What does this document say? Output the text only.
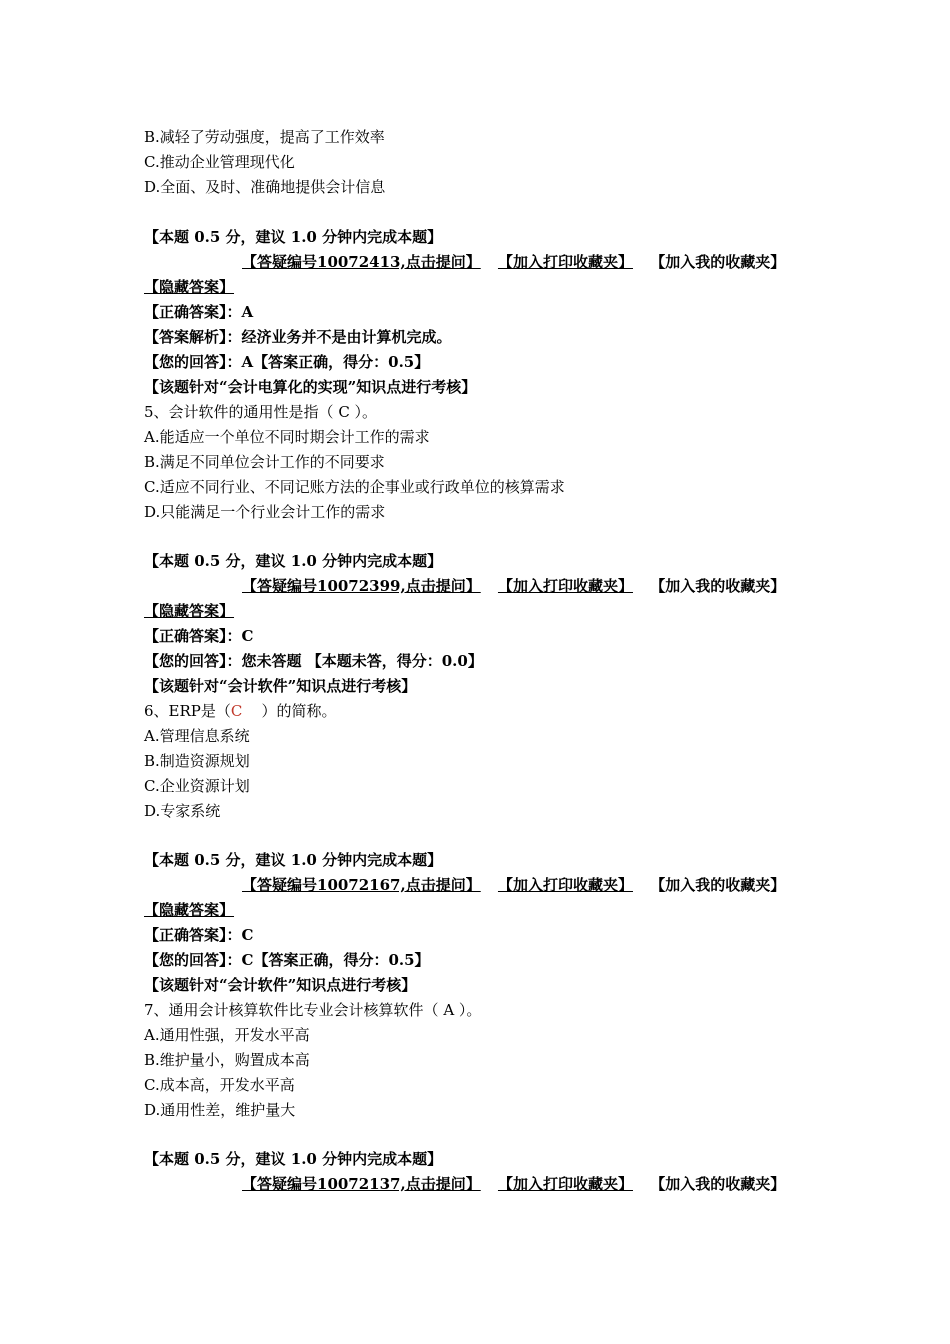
B.减轻了劳动强度，提高了工作效率
C.推动企业管理现代化
D.全面、及时、准确地提供会计信息
【本题 0.5 分，建议 1.0 分钟内完成本题】
【答疑编号10072413,点击提问】 【加入打印收藏夹】 【加入我的收藏夹】
【隐藏答案】
【正确答案】：A
【答案解析】：经济业务并不是由计算机完成。
【您的回答】：A【答案正确，得分：0.5】
【该题针对“会计电算化的实现”知识点进行考核】
5、会计软件的通用性是指（ C ）。
A.能适应一个单位不同时期会计工作的需求
B.满足不同单位会计工作的不同要求
C.适应不同行业、不同记账方法的企事业或行政单位的核算需求
D.只能满足一个行业会计工作的需求
【本题 0.5 分，建议 1.0 分钟内完成本题】
【答疑编号10072399,点击提问】 【加入打印收藏夹】 【加入我的收藏夹】
【隐藏答案】
【正确答案】：C
【您的回答】：您未答题 【本题未答，得分：0.0】
【该题针对“会计软件”知识点进行考核】
6、ERP是（C    ）的简称。
A.管理信息系统
B.制造资源规划
C.企业资源计划
D.专家系统
【本题 0.5 分，建议 1.0 分钟内完成本题】
【答疑编号10072167,点击提问】 【加入打印收藏夹】 【加入我的收藏夹】
【隐藏答案】
【正确答案】：C
【您的回答】：C【答案正确，得分：0.5】
【该题针对“会计软件”知识点进行考核】
7、通用会计核算软件比专业会计核算软件（ A ）。
A.通用性强，开发水平高
B.维护量小，购置成本高
C.成本高，开发水平高
D.通用性差，维护量大
【本题 0.5 分，建议 1.0 分钟内完成本题】
【答疑编号10072137,点击提问】 【加入打印收藏夹】 【加入我的收藏夹】
